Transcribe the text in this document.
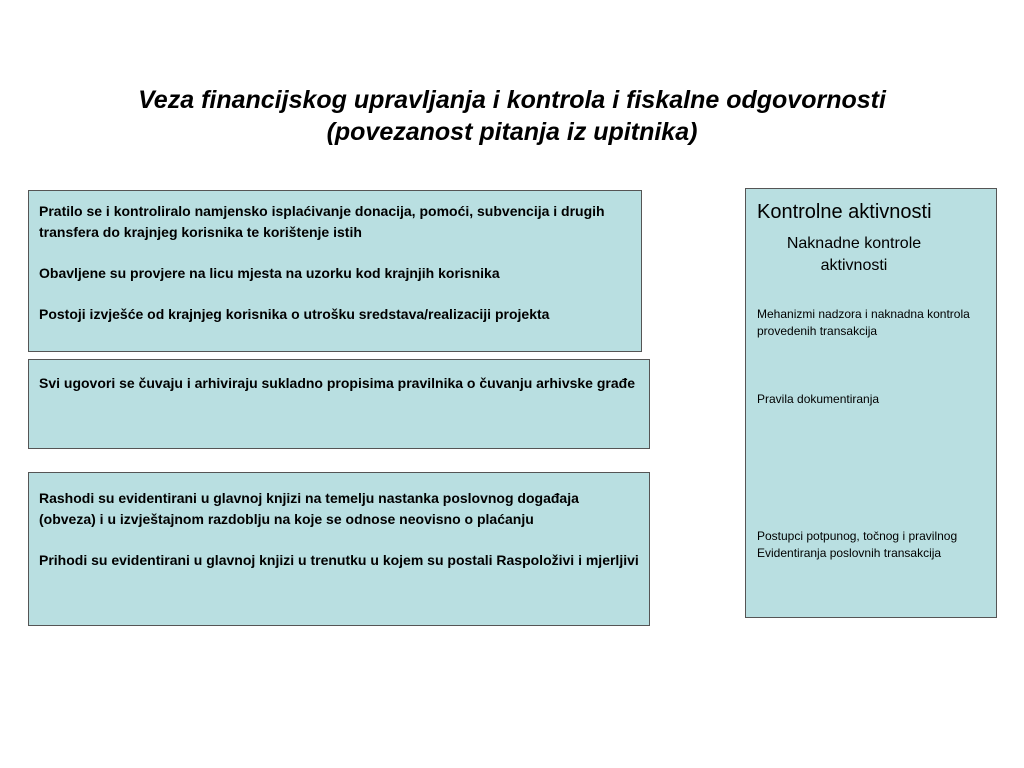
Veza financijskog upravljanja i kontrola i fiskalne odgovornosti
(povezanost pitanja iz upitnika)

Pratilo se i kontroliralo namjensko isplaćivanje donacija, pomoći, subvencija i drugih transfera do krajnjeg korisnika te korištenje istih

Obavljene su provjere na licu mjesta na uzorku kod krajnjih korisnika

Postoji izvješće od krajnjeg korisnika o utrošku sredstava/realizaciji projekta

Svi ugovori se čuvaju i arhiviraju sukladno propisima pravilnika o čuvanju arhivske građe

Rashodi su evidentirani u glavnoj knjizi na temelju nastanka poslovnog događaja (obveza) i u izvještajnom razdoblju na koje se odnose neovisno o plaćanju

Prihodi su evidentirani u glavnoj knjizi u trenutku u kojem su postali Raspoloživi i mjerljivi

Kontrolne aktivnosti
Naknadne kontrole
aktivnosti
Mehanizmi nadzora i naknadna kontrola provedenih transakcija
Pravila dokumentiranja
Postupci potpunog, točnog i pravilnog Evidentiranja poslovnih transakcija
